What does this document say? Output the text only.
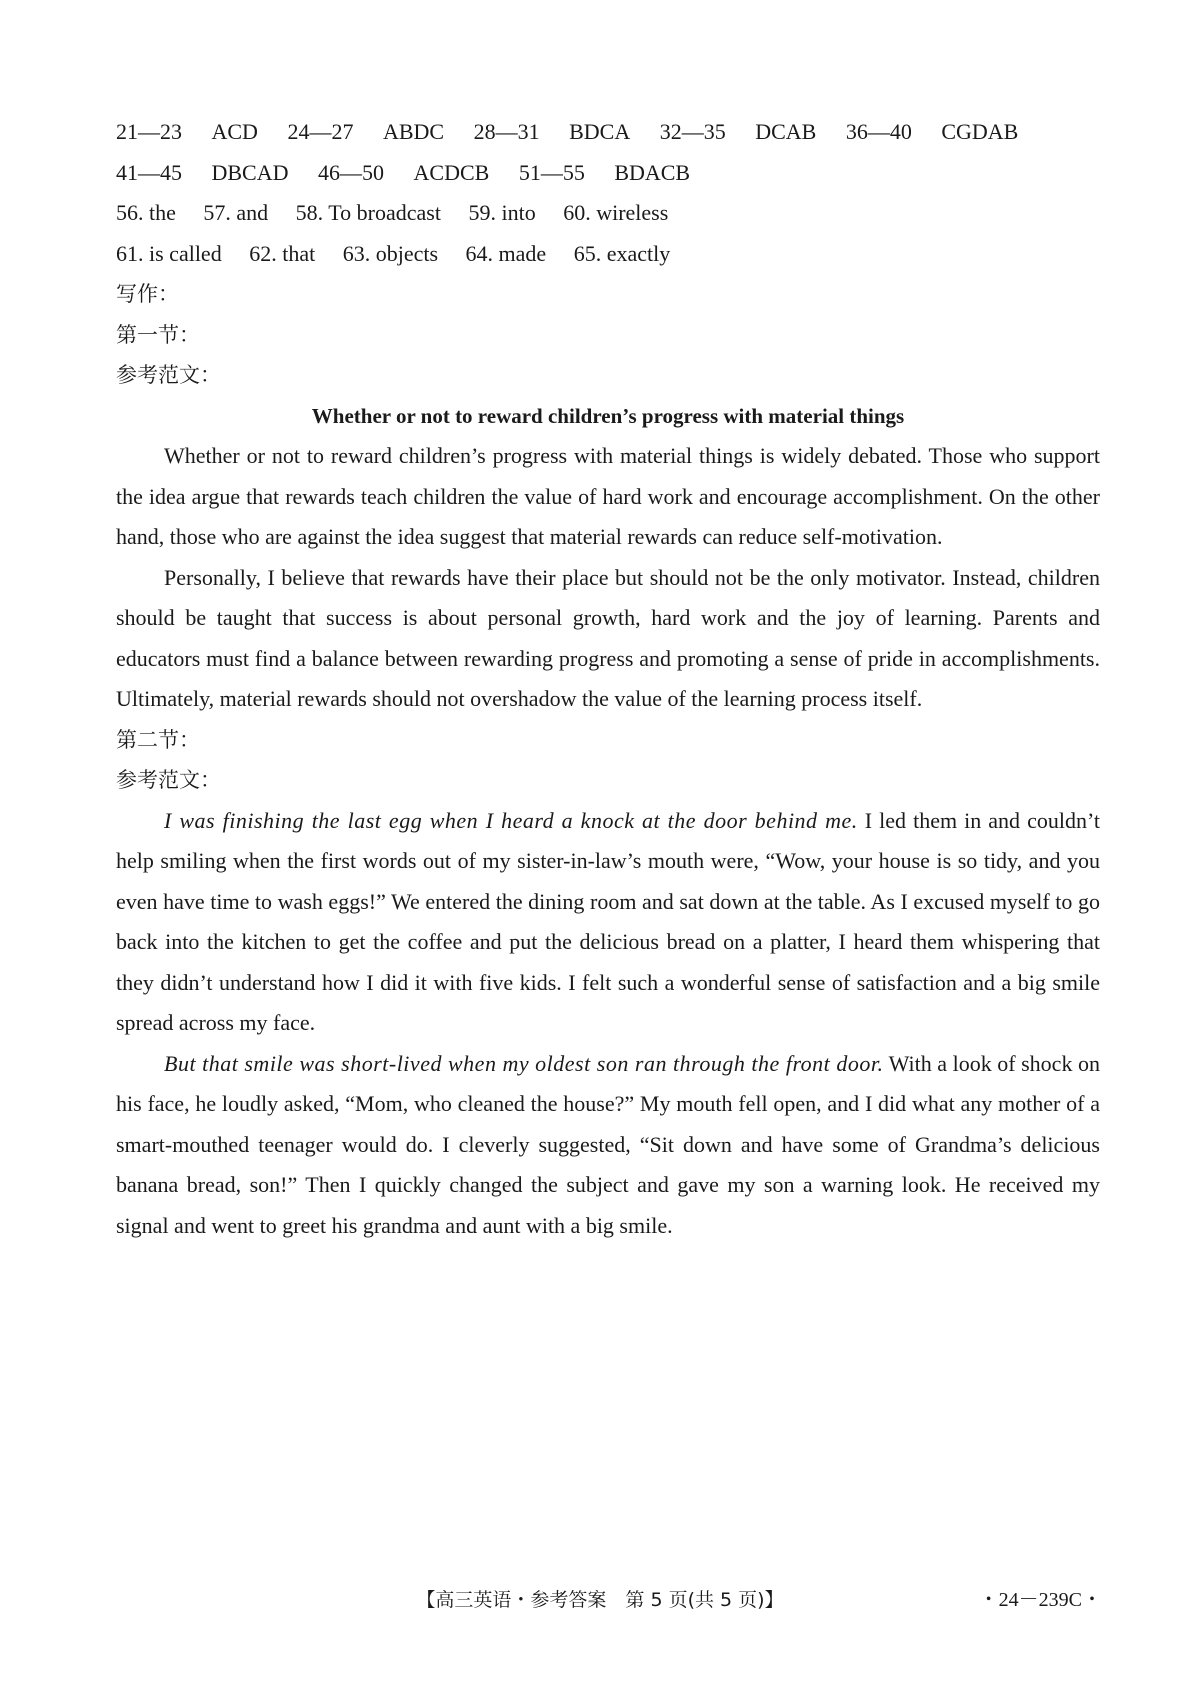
21—23 ACD 24—27 ABDC 28—31 BDCA 32—35 DCAB 36—40 CGDAB
41—45 DBCAD 46—50 ACDCB 51—55 BDACB
56. the 57. and 58. To broadcast 59. into 60. wireless
61. is called 62. that 63. objects 64. made 65. exactly
写作：
第一节：
参考范文：
Whether or not to reward children’s progress with material things

Whether or not to reward children’s progress with material things is widely debated. Those who support the idea argue that rewards teach children the value of hard work and encourage accomplishment. On the other hand, those who are against the idea suggest that material rewards can reduce self-motivation.

Personally, I believe that rewards have their place but should not be the only motivator. Instead, children should be taught that success is about personal growth, hard work and the joy of learning. Parents and educators must find a balance between rewarding progress and promoting a sense of pride in accomplishments. Ultimately, material rewards should not overshadow the value of the learning process itself.

第二节：
参考范文：

I was finishing the last egg when I heard a knock at the door behind me. I led them in and couldn’t help smiling when the first words out of my sister-in-law’s mouth were, “Wow, your house is so tidy, and you even have time to wash eggs!” We entered the dining room and sat down at the table. As I excused myself to go back into the kitchen to get the coffee and put the delicious bread on a platter, I heard them whispering that they didn’t understand how I did it with five kids. I felt such a wonderful sense of satisfaction and a big smile spread across my face.

But that smile was short-lived when my oldest son ran through the front door. With a look of shock on his face, he loudly asked, “Mom, who cleaned the house?” My mouth fell open, and I did what any mother of a smart-mouthed teenager would do. I cleverly suggested, “Sit down and have some of Grandma’s delicious banana bread, son!” Then I quickly changed the subject and gave my son a warning look. He received my signal and went to greet his grandma and aunt with a big smile.

【高三英语・参考答案　第 5 页(共 5 页)】	・24－239C・
